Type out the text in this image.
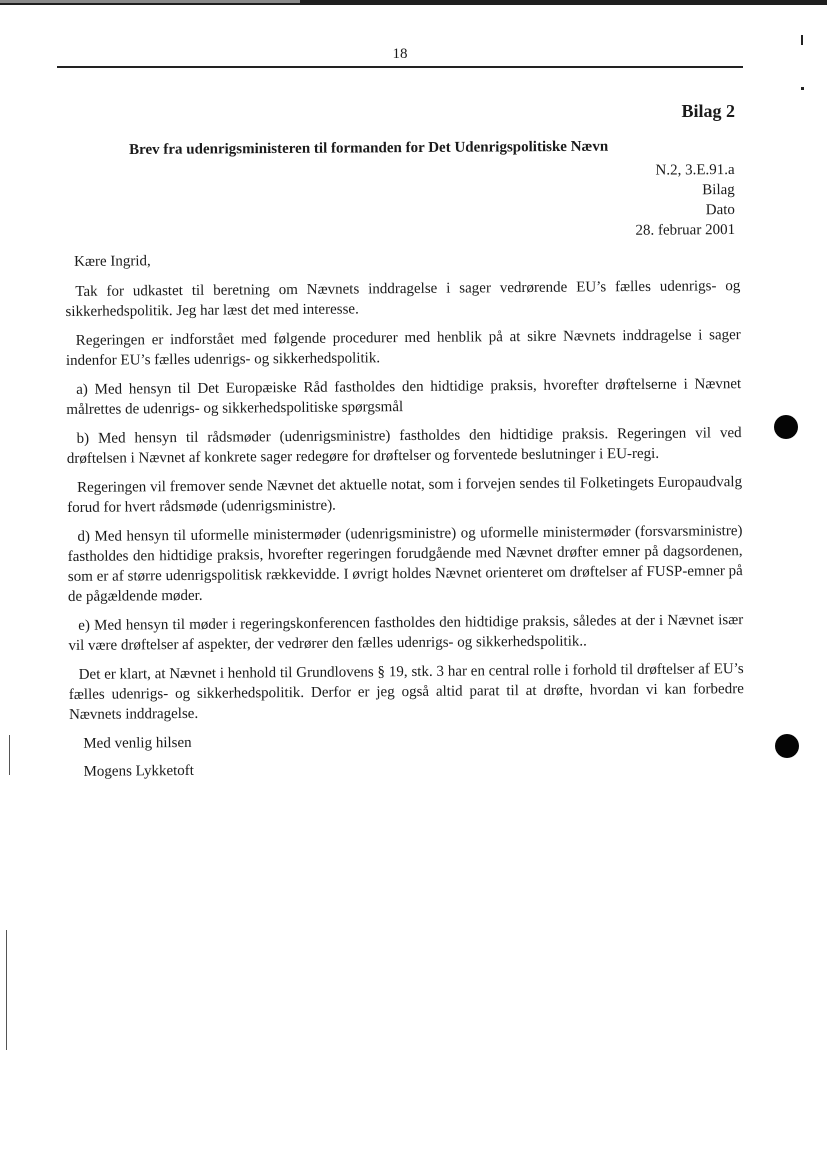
18
Bilag 2
Brev fra udenrigsministeren til formanden for Det Udenrigspolitiske Nævn
N.2, 3.E.91.a
Bilag
Dato
28. februar 2001
Kære Ingrid,

Tak for udkastet til beretning om Nævnets inddragelse i sager vedrørende EU’s fælles udenrigs- og sikkerhedspolitik. Jeg har læst det med interesse.

Regeringen er indforstået med følgende procedurer med henblik på at sikre Nævnets inddragelse i sager indenfor EU’s fælles udenrigs- og sikkerhedspolitik.

a) Med hensyn til Det Europæiske Råd fastholdes den hidtidige praksis, hvorefter drøftelserne i Nævnet målrettes de udenrigs- og sikkerhedspolitiske spørgsmål

b) Med hensyn til rådsmøder (udenrigsministre) fastholdes den hidtidige praksis. Regeringen vil ved drøftelsen i Nævnet af konkrete sager redegøre for drøftelser og forventede beslutninger i EU-regi.

Regeringen vil fremover sende Nævnet det aktuelle notat, som i forvejen sendes til Folketingets Europaudvalg forud for hvert rådsmøde (udenrigsministre).

d) Med hensyn til uformelle ministermøder (udenrigsministre) og uformelle ministermøder (forsvarsministre) fastholdes den hidtidige praksis, hvorefter regeringen forudgående med Nævnet drøfter emner på dagsordenen, som er af større udenrigspolitisk rækkevidde. I øvrigt holdes Nævnet orienteret om drøftelser af FUSP-emner på de pågældende møder.

e) Med hensyn til møder i regeringskonferencen fastholdes den hidtidige praksis, således at der i Nævnet især vil være drøftelser af aspekter, der vedrører den fælles udenrigs- og sikkerhedspolitik..

Det er klart, at Nævnet i henhold til Grundlovens § 19, stk. 3 har en central rolle i forhold til drøftelser af EU’s fælles udenrigs- og sikkerhedspolitik. Derfor er jeg også altid parat til at drøfte, hvordan vi kan forbedre Nævnets inddragelse.

Med venlig hilsen
Mogens Lykketoft
